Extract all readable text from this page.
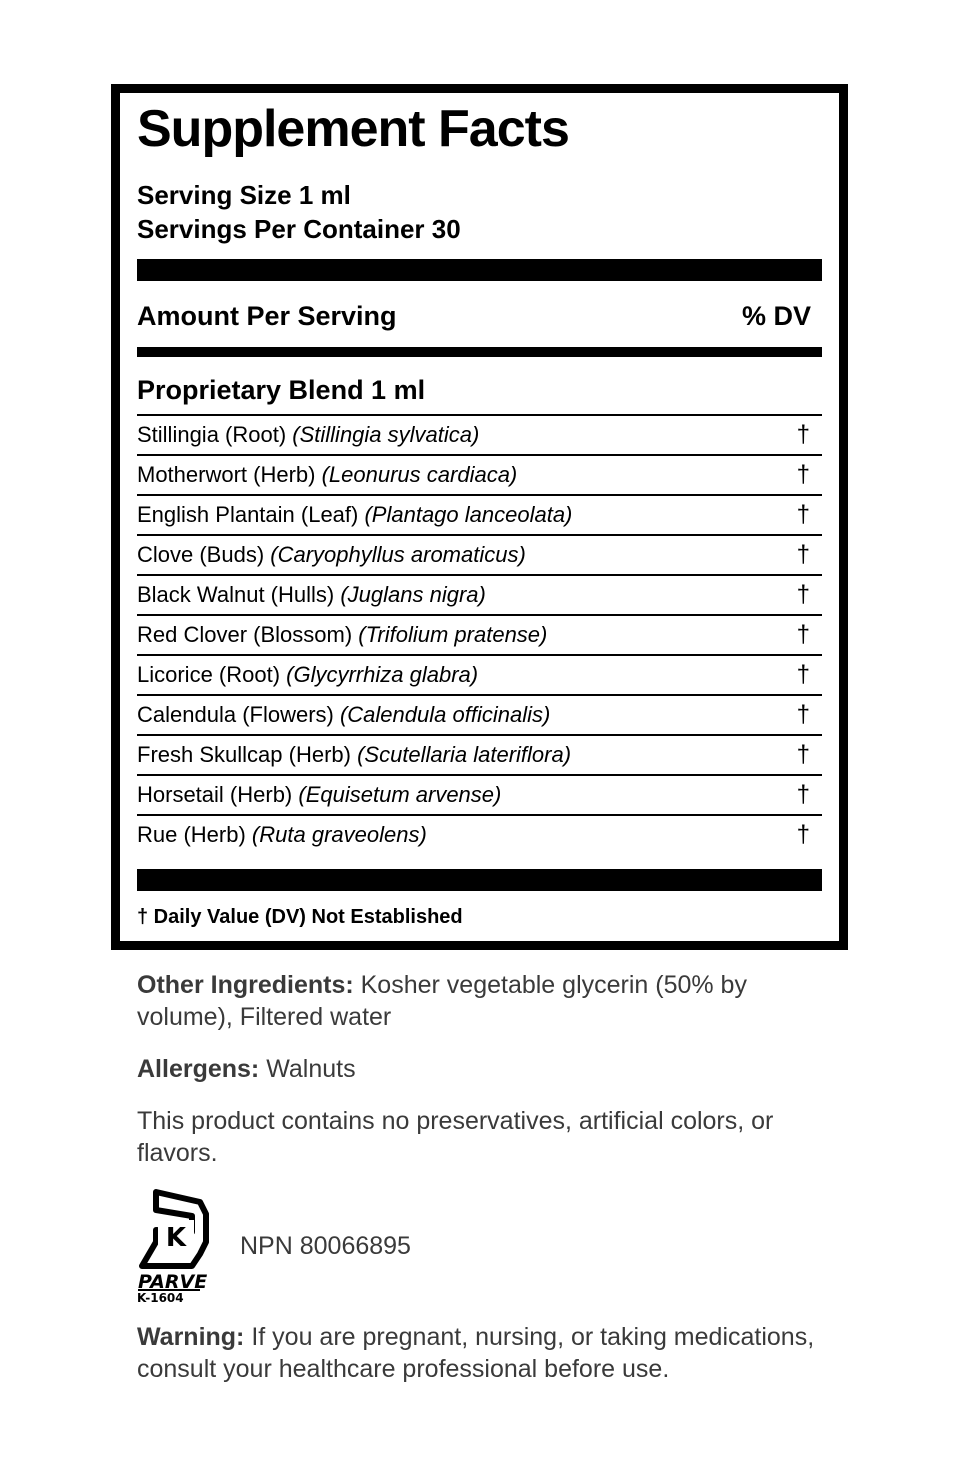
Supplement Facts
Serving Size 1 ml
Servings Per Container 30
Amount Per Serving	% DV
Proprietary Blend 1 ml
Stillingia (Root) (Stillingia sylvatica)	†
Motherwort (Herb) (Leonurus cardiaca)	†
English Plantain (Leaf) (Plantago lanceolata)	†
Clove (Buds) (Caryophyllus aromaticus)	†
Black Walnut (Hulls) (Juglans nigra)	†
Red Clover (Blossom) (Trifolium pratense)	†
Licorice (Root) (Glycyrrhiza glabra)	†
Calendula (Flowers) (Calendula officinalis)	†
Fresh Skullcap (Herb) (Scutellaria lateriflora)	†
Horsetail (Herb) (Equisetum arvense)	†
Rue (Herb) (Ruta graveolens)	†
† Daily Value (DV) Not Established
Other Ingredients: Kosher vegetable glycerin (50% by volume), Filtered water
Allergens: Walnuts
This product contains no preservatives, artificial colors, or flavors.
K
PARVE
K-1604
NPN 80066895
Warning: If you are pregnant, nursing, or taking medications, consult your healthcare professional before use.
